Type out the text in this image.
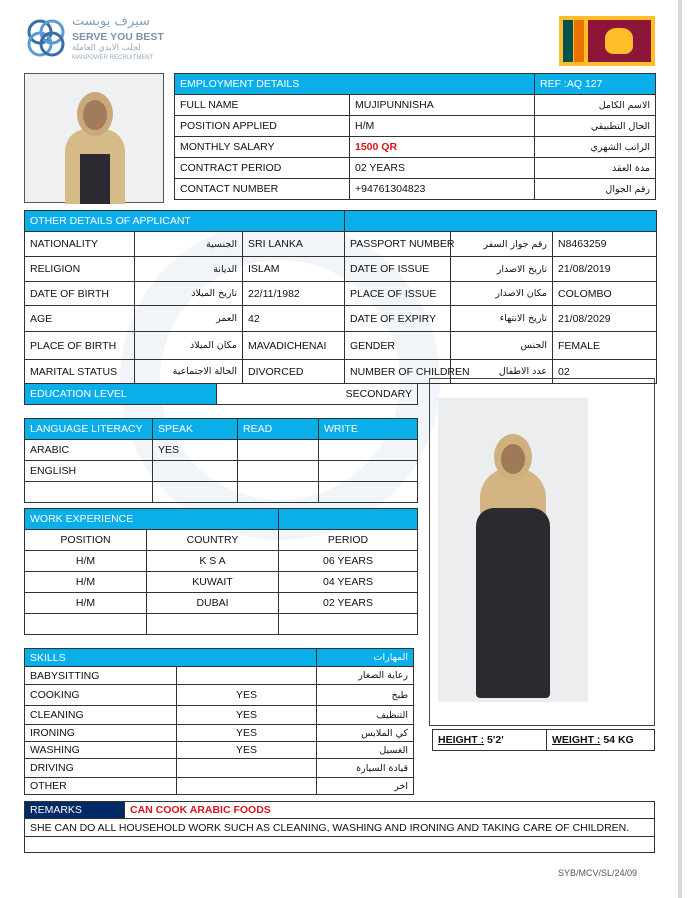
سيرف يوبست
SERVE YOU BEST
لجلب الايدي العاملة
MANPOWER RECRUITMENT
EMPLOYMENT DETAILS		REF :AQ 127
FULL NAME	MUJIPUNNISHA	الاسم الكامل
POSITION APPLIED	H/M	الحال التطبيقي
MONTHLY SALARY	1500 QR	الراتب الشهري
CONTRACT PERIOD	02 YEARS	مدة العقد
CONTACT NUMBER	+94761304823	رقم الجوال
OTHER DETAILS OF APPLICANT					
NATIONALITY	الجنسية	SRI LANKA	PASSPORT NUMBER	رقم جواز السفر	N8463259
RELIGION	الديانة	ISLAM	DATE OF ISSUE	تاريخ الاصدار	21/08/2019
DATE OF BIRTH	تاريخ الميلاد	22/11/1982	PLACE OF ISSUE	مكان الاصدار	COLOMBO
AGE	العمر	42	DATE OF EXPIRY	تاريخ الانتهاء	21/08/2029
PLACE OF BIRTH	مكان الميلاد	MAVADICHENAI	GENDER	الجنس	FEMALE
MARITAL STATUS	الحالة الاجتماعية	DIVORCED	NUMBER OF CHILDREN	عدد الاطفال	02
EDUCATION LEVEL	SECONDARY
LANGUAGE LITERACY	SPEAK	READ	WRITE
ARABIC	YES		
ENGLISH			

WORK EXPERIENCE		
POSITION	COUNTRY	PERIOD
H/M	K S A	06 YEARS
H/M	KUWAIT	04 YEARS
H/M	DUBAI	02 YEARS

SKILLS		المهارات
BABYSITTING		رعاية الصغار
COOKING	YES	طبخ
CLEANING	YES	التنظيف
IRONING	YES	كي الملابس
WASHING	YES	الغسيل
DRIVING		قيادة السيارة
OTHER		اخر
HEIGHT : 5'2'	WEIGHT : 54 KG
REMARKS	CAN COOK ARABIC FOODS
SHE CAN DO ALL HOUSEHOLD WORK SUCH AS CLEANING, WASHING AND IRONING AND TAKING CARE OF CHILDREN.

SYB/MCV/SL/24/09
